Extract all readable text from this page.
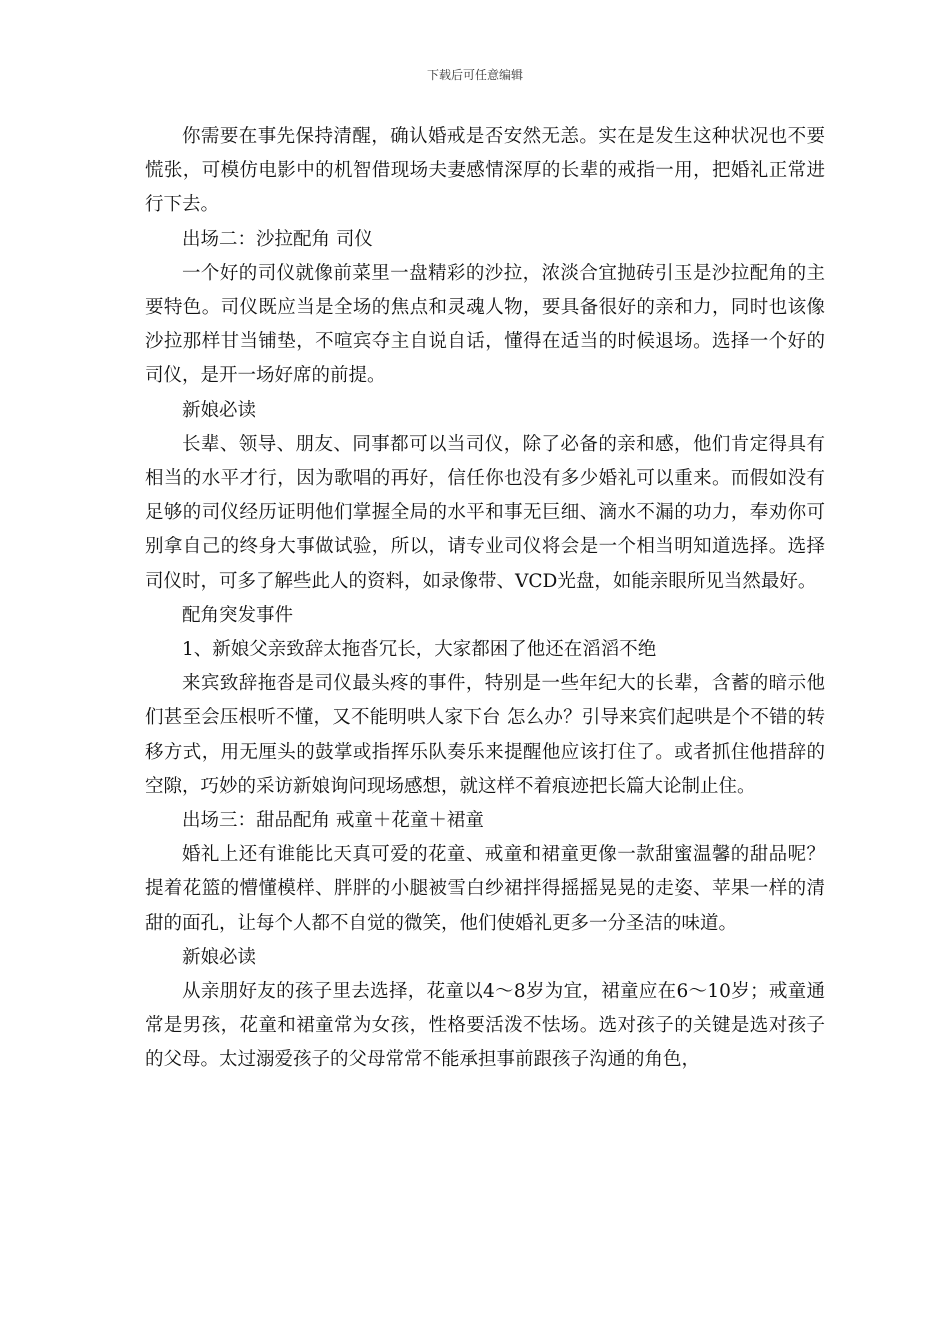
下载后可任意编辑

你需要在事先保持清醒，确认婚戒是否安然无恙。实在是发生这种状况也不要慌张，可模仿电影中的机智借现场夫妻感情深厚的长辈的戒指一用，把婚礼正常进行下去。

出场二：沙拉配角 司仪

一个好的司仪就像前菜里一盘精彩的沙拉，浓淡合宜抛砖引玉是沙拉配角的主要特色。司仪既应当是全场的焦点和灵魂人物，要具备很好的亲和力，同时也该像沙拉那样甘当铺垫，不喧宾夺主自说自话，懂得在适当的时候退场。选择一个好的司仪，是开一场好席的前提。

新娘必读

长辈、领导、朋友、同事都可以当司仪，除了必备的亲和感，他们肯定得具有相当的水平才行，因为歌唱的再好，信任你也没有多少婚礼可以重来。而假如没有足够的司仪经历证明他们掌握全局的水平和事无巨细、滴水不漏的功力，奉劝你可别拿自己的终身大事做试验，所以，请专业司仪将会是一个相当明知道选择。选择司仪时，可多了解些此人的资料，如录像带、VCD光盘，如能亲眼所见当然最好。

配角突发事件

1、新娘父亲致辞太拖沓冗长，大家都困了他还在滔滔不绝

来宾致辞拖沓是司仪最头疼的事件，特别是一些年纪大的长辈，含蓄的暗示他们甚至会压根听不懂，又不能明哄人家下台 怎么办？引导来宾们起哄是个不错的转移方式，用无厘头的鼓掌或指挥乐队奏乐来提醒他应该打住了。或者抓住他措辞的空隙，巧妙的采访新娘询问现场感想，就这样不着痕迹把长篇大论制止住。

出场三：甜品配角 戒童＋花童＋裙童

婚礼上还有谁能比天真可爱的花童、戒童和裙童更像一款甜蜜温馨的甜品呢？提着花篮的懵懂模样、胖胖的小腿被雪白纱裙拌得摇摇晃晃的走姿、苹果一样的清甜的面孔，让每个人都不自觉的微笑，他们使婚礼更多一分圣洁的味道。

新娘必读

从亲朋好友的孩子里去选择，花童以4～8岁为宜，裙童应在6～10岁；戒童通常是男孩，花童和裙童常为女孩，性格要活泼不怯场。选对孩子的关键是选对孩子的父母。太过溺爱孩子的父母常常不能承担事前跟孩子沟通的角色，
